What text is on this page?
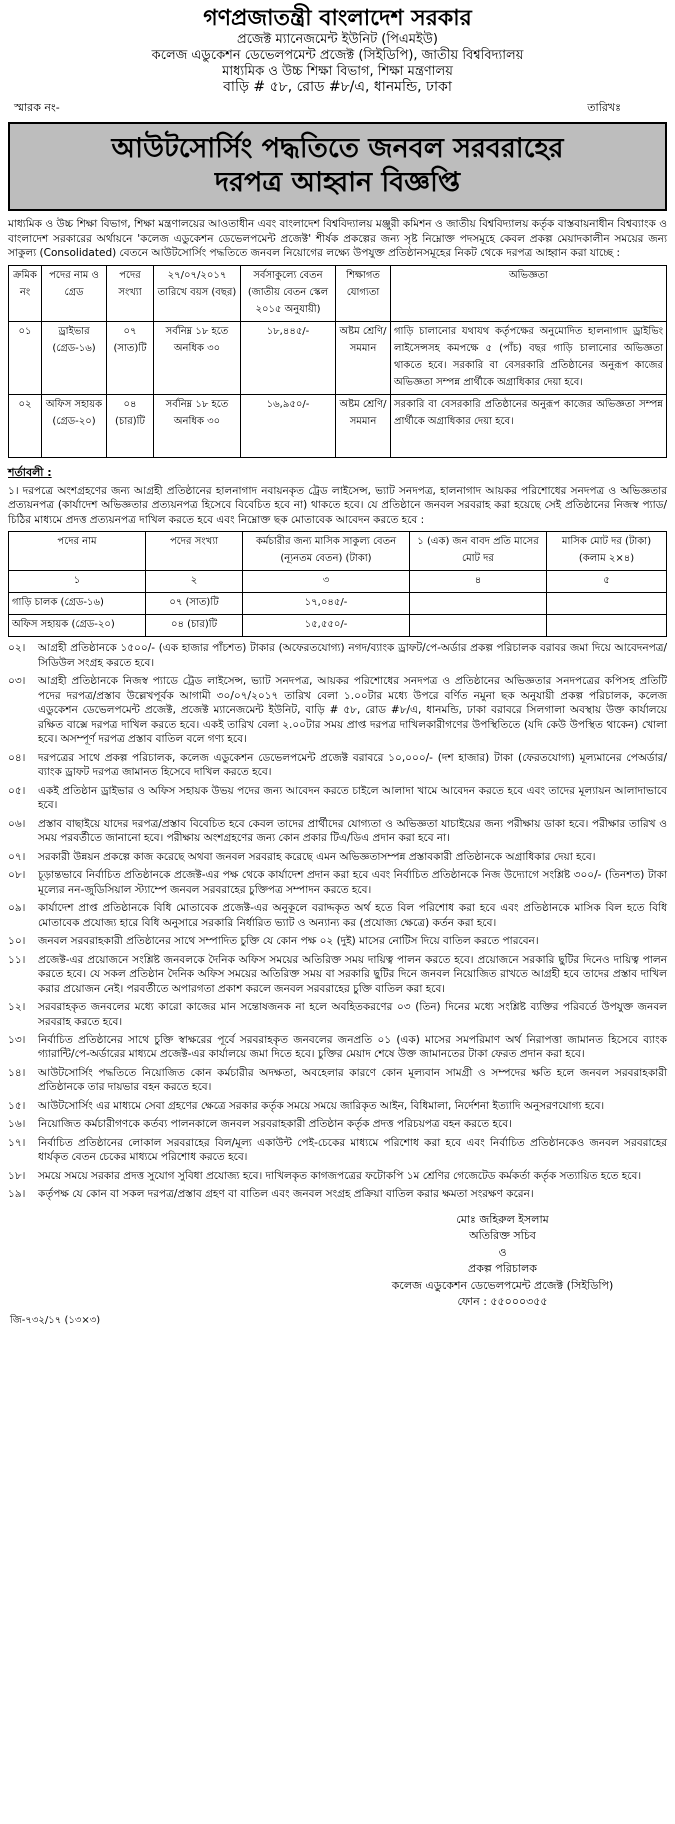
গণপ্রজাতন্ত্রী বাংলাদেশ সরকার
প্রজেক্ট ম্যানেজমেন্ট ইউনিট (পিএমইউ)
কলেজ এডুকেশন ডেভেলপমেন্ট প্রজেক্ট (সিইডিপি), জাতীয় বিশ্ববিদ্যালয়
মাধ্যমিক ও উচ্চ শিক্ষা বিভাগ, শিক্ষা মন্ত্রণালয়
বাড়ি # ৫৮, রোড #৮/এ, ধানমন্ডি, ঢাকা
স্মারক নং-	তারিখঃ
আউটসোর্সিং পদ্ধতিতে জনবল সরবরাহের
দরপত্র আহ্বান বিজ্ঞপ্তি
মাধ্যমিক ও উচ্চ শিক্ষা বিভাগ, শিক্ষা মন্ত্রণালয়ের আওতাধীন এবং বাংলাদেশ বিশ্ববিদ্যালয় মঞ্জুরী কমিশন ও জাতীয় বিশ্ববিদ্যালয় কর্তৃক বাস্তবায়নাধীন বিশ্বব্যাংক ও বাংলাদেশ সরকারের অর্থায়নে 'কলেজ এডুকেশন ডেভেলপমেন্ট প্রজেক্ট' শীর্ষক প্রকল্পের জন্য সৃষ্ট নিম্নোক্ত পদসমূহে কেবল প্রকল্প মেয়াদকালীন সময়ের জন্য সাকুল্য (Consolidated) বেতনে আউটসোর্সিং পদ্ধতিতে জনবল নিয়োগের লক্ষ্যে উপযুক্ত প্রতিষ্ঠানসমূহের নিকট থেকে দরপত্র আহ্বান করা যাচ্ছে :
ক্রমিক নং	পদের নাম ও গ্রেড	পদের সংখ্যা	২৭/০৭/২০১৭ তারিখে বয়স (বছর)	সর্বসাকুল্যে বেতন (জাতীয় বেতন স্কেল ২০১৫ অনুযায়ী)	শিক্ষাগত যোগ্যতা	অভিজ্ঞতা
০১	ড্রাইভার (গ্রেড-১৬)	০৭ (সাত)টি	সর্বনিম্ন ১৮ হতে অনধিক ৩০	১৮,৪৪৫/-	অষ্টম শ্রেণি/ সমমান	গাড়ি চালানোর যথাযথ কর্তৃপক্ষের অনুমোদিত হালনাগাদ ড্রাইভিং লাইসেন্সসহ কমপক্ষে ৫ (পাঁচ) বছর গাড়ি চালানোর অভিজ্ঞতা থাকতে হবে। সরকারি বা বেসরকারি প্রতিষ্ঠানের অনুরূপ কাজের অভিজ্ঞতা সম্পন্ন প্রার্থীকে অগ্রাধিকার দেয়া হবে।
০২	অফিস সহায়ক (গ্রেড-২০)	০৪ (চার)টি	সর্বনিম্ন ১৮ হতে অনধিক ৩০	১৬,৯৫০/-	অষ্টম শ্রেণি/ সমমান	সরকারি বা বেসরকারি প্রতিষ্ঠানের অনুরূপ কাজের অভিজ্ঞতা সম্পন্ন প্রার্থীকে অগ্রাধিকার দেয়া হবে।
শর্তাবলী :
১। দরপত্রে অংশগ্রহণের জন্য আগ্রহী প্রতিষ্ঠানের হালনাগাদ নবায়নকৃত ট্রেড লাইসেন্স, ভ্যাট সনদপত্র, হালনাগাদ আয়কর পরিশোধের সনদপত্র ও অভিজ্ঞতার প্রত্যয়নপত্র (কার্যাদেশ অভিজ্ঞতার প্রত্যয়নপত্র হিসেবে বিবেচিত হবে না) থাকতে হবে। যে প্রতিষ্ঠানে জনবল সরবরাহ করা হয়েছে সেই প্রতিষ্ঠানের নিজস্ব প্যাড/চিঠির মাধ্যমে প্রদত্ত প্রত্যয়নপত্র দাখিল করতে হবে এবং নিম্নোক্ত ছক মোতাবেক আবেদন করতে হবে :
পদের নাম	পদের সংখ্যা	কর্মচারীর জন্য মাসিক সাকুল্য বেতন (ন্যূনতম বেতন) (টাকা)	১ (এক) জন বাবদ প্রতি মাসের মোট দর	মাসিক মোট দর (টাকা) (কলাম ২×৪)
১	২	৩	৪	৫
গাড়ি চালক (গ্রেড-১৬)	০৭ (সাত)টি	১৭,০৪৫/-		
অফিস সহায়ক (গ্রেড-২০)	০৪ (চার)টি	১৫,৫৫০/-		
০২।	আগ্রহী প্রতিষ্ঠানকে ১৫০০/- (এক হাজার পাঁচশত) টাকার (অফেরতযোগ্য) নগদ/ব্যাংক ড্রাফট/পে-অর্ডার প্রকল্প পরিচালক বরাবর জমা দিয়ে আবেদনপত্র/সিডিউল সংগ্রহ করতে হবে।
০৩।	আগ্রহী প্রতিষ্ঠানকে নিজস্ব প্যাডে ট্রেড লাইসেন্স, ভ্যাট সনদপত্র, আয়কর পরিশোধের সনদপত্র ও প্রতিষ্ঠানের অভিজ্ঞতার সনদপত্রের কপিসহ প্রতিটি পদের দরপত্র/প্রস্তাব উল্লেখপূর্বক আগামী ৩০/০৭/২০১৭ তারিখ বেলা ১.০০টার মধ্যে উপরে বর্ণিত নমুনা ছক অনুযায়ী প্রকল্প পরিচালক, কলেজ এডুকেশন ডেভেলপমেন্ট প্রজেক্ট, প্রজেক্ট ম্যানেজমেন্ট ইউনিট, বাড়ি # ৫৮, রোড #৮/এ, ধানমন্ডি, ঢাকা বরাবরে সিলগালা অবস্থায় উক্ত কার্যালয়ে রক্ষিত বাক্সে দরপত্র দাখিল করতে হবে। একই তারিখ বেলা ২.০০টার সময় প্রাপ্ত দরপত্র দাখিলকারীগণের উপস্থিতিতে (যদি কেউ উপস্থিত থাকেন) খোলা হবে। অসম্পূর্ণ দরপত্র প্রস্তাব বাতিল বলে গণ্য হবে।
০৪।	দরপত্রের সাথে প্রকল্প পরিচালক, কলেজ এডুকেশন ডেভেলপমেন্ট প্রজেক্ট বরাবরে ১০,০০০/- (দশ হাজার) টাকা (ফেরতযোগ্য) মূল্যমানের পেঅর্ডার/ব্যাংক ড্রাফট দরপত্র জামানত হিসেবে দাখিল করতে হবে।
০৫।	একই প্রতিষ্ঠান ড্রাইভার ও অফিস সহায়ক উভয় পদের জন্য আবেদন করতে চাইলে আলাদা খামে আবেদন করতে হবে এবং তাদের মূল্যায়ন আলাদাভাবে হবে।
০৬।	প্রস্তাব বাছাইয়ে যাদের দরপত্র/প্রস্তাব বিবেচিত হবে কেবল তাদের প্রার্থীদের যোগ্যতা ও অভিজ্ঞতা যাচাইয়ের জন্য পরীক্ষায় ডাকা হবে। পরীক্ষার তারিখ ও সময় পরবর্তীতে জানানো হবে। পরীক্ষায় অংশগ্রহণের জন্য কোন প্রকার টিএ/ডিএ প্রদান করা হবে না।
০৭।	সরকারী উন্নয়ন প্রকল্পে কাজ করেছে অথবা জনবল সরবরাহ করেছে এমন অভিজ্ঞতাসম্পন্ন প্রস্তাবকারী প্রতিষ্ঠানকে অগ্রাধিকার দেয়া হবে।
০৮।	চূড়ান্তভাবে নির্বাচিত প্রতিষ্ঠানকে প্রজেক্ট-এর পক্ষ থেকে কার্যাদেশ প্রদান করা হবে এবং নির্বাচিত প্রতিষ্ঠানকে নিজ উদ্যোগে সংশ্লিষ্ট ৩০০/- (তিনশত) টাকা মূল্যের নন-জুডিসিয়াল স্ট্যাম্পে জনবল সরবরাহের চুক্তিপত্র সম্পাদন করতে হবে।
০৯।	কার্যাদেশ প্রাপ্ত প্রতিষ্ঠানকে বিধি মোতাবেক প্রজেক্ট-এর অনুকূলে বরাদ্দকৃত অর্থ হতে বিল পরিশোধ করা হবে এবং প্রতিষ্ঠানকে মাসিক বিল হতে বিধি মোতাবেক প্রযোজ্য হারে বিধি অনুসারে সরকারি নির্ধারিত ভ্যাট ও অন্যান্য কর (প্রযোজ্য ক্ষেত্রে) কর্তন করা হবে।
১০।	জনবল সরবরাহকারী প্রতিষ্ঠানের সাথে সম্পাদিত চুক্তি যে কোন পক্ষ ০২ (দুই) মাসের নোটিস দিয়ে বাতিল করতে পারবেন।
১১।	প্রজেক্ট-এর প্রয়োজনে সংশ্লিষ্ট জনবলকে দৈনিক অফিস সময়ের অতিরিক্ত সময় দায়িত্ব পালন করতে হবে। প্রয়োজনে সরকারি ছুটির দিনেও দায়িত্ব পালন করতে হবে। যে সকল প্রতিষ্ঠান দৈনিক অফিস সময়ের অতিরিক্ত সময় বা সরকারি ছুটির দিনে জনবল নিয়োজিত রাখতে আগ্রহী হবে তাদের প্রস্তাব দাখিল করার প্রয়োজন নেই। পরবর্তীতে অপারগতা প্রকাশ করলে জনবল সরবরাহের চুক্তি বাতিল করা হবে।
১২।	সরবরাহকৃত জনবলের মধ্যে কারো কাজের মান সন্তোষজনক না হলে অবহিতকরণের ০৩ (তিন) দিনের মধ্যে সংশ্লিষ্ট ব্যক্তির পরিবর্তে উপযুক্ত জনবল সরবরাহ করতে হবে।
১৩।	নির্বাচিত প্রতিষ্ঠানের সাথে চুক্তি স্বাক্ষরের পূর্বে সরবরাহকৃত জনবলের জনপ্রতি ০১ (এক) মাসের সমপরিমাণ অর্থ নিরাপত্তা জামানত হিসেবে ব্যাংক গ্যারান্টি/পে-অর্ডারের মাধ্যমে প্রজেক্ট-এর কার্যালয়ে জমা দিতে হবে। চুক্তির মেয়াদ শেষে উক্ত জামানতের টাকা ফেরত প্রদান করা হবে।
১৪।	আউটসোর্সিং পদ্ধতিতে নিয়োজিত কোন কর্মচারীর অদক্ষতা, অবহেলার কারণে কোন মূল্যবান সামগ্রী ও সম্পদের ক্ষতি হলে জনবল সরবরাহকারী প্রতিষ্ঠানকে তার দায়ভার বহন করতে হবে।
১৫।	আউটসোর্সিং এর মাধ্যমে সেবা গ্রহণের ক্ষেত্রে সরকার কর্তৃক সময়ে সময়ে জারিকৃত আইন, বিধিমালা, নির্দেশনা ইত্যাদি অনুসরণযোগ্য হবে।
১৬।	নিয়োজিত কর্মচারীগণকে কর্তব্য পালনকালে জনবল সরবরাহকারী প্রতিষ্ঠান কর্তৃক প্রদত্ত পরিচয়পত্র বহন করতে হবে।
১৭।	নির্বাচিত প্রতিষ্ঠানের লোকাল সরবরাহের বিল/মূল্য একাউন্ট পেই-চেকের মাধ্যমে পরিশোধ করা হবে এবং নির্বাচিত প্রতিষ্ঠানকেও জনবল সরবরাহের ধার্যকৃত বেতন চেকের মাধ্যমে পরিশোধ করতে হবে।
১৮।	সময়ে সময়ে সরকার প্রদত্ত সুযোগ সুবিধা প্রযোজ্য হবে। দাখিলকৃত কাগজপত্রের ফটোকপি ১ম শ্রেণির গেজেটেড কর্মকর্তা কর্তৃক সত্যায়িত হতে হবে।
১৯।	কর্তৃপক্ষ যে কোন বা সকল দরপত্র/প্রস্তাব গ্রহণ বা বাতিল এবং জনবল সংগ্রহ প্রক্রিয়া বাতিল করার ক্ষমতা সংরক্ষণ করেন।
মোঃ জহিরুল ইসলাম
অতিরিক্ত সচিব
ও
প্রকল্প পরিচালক
কলেজ এডুকেশন ডেভেলপমেন্ট প্রজেক্ট (সিইডিপি)
ফোন : ৫৫০০০৩৫৫
জি-৭৩২/১৭ (১৩×৩)
